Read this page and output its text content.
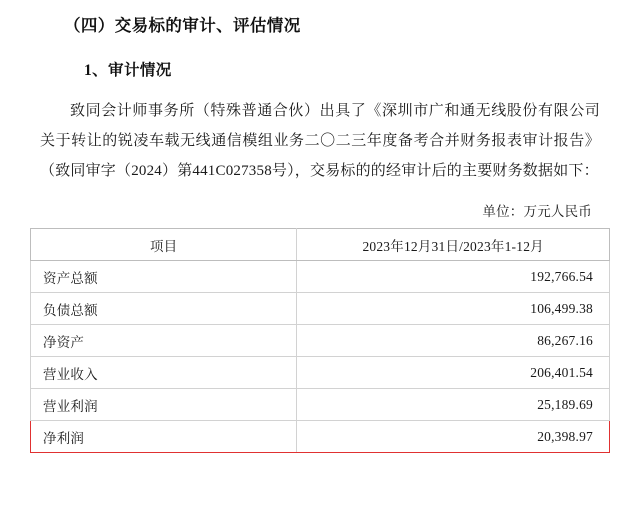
（四）交易标的审计、评估情况
1、审计情况

致同会计师事务所（特殊普通合伙）出具了《深圳市广和通无线股份有限公司关于转让的锐凌车载无线通信模组业务二〇二三年度备考合并财务报表审计报告》（致同审字（2024）第441C027358号），交易标的的经审计后的主要财务数据如下：

单位：万元人民币
项目	2023年12月31日/2023年1-12月
资产总额	192,766.54
负债总额	106,499.38
净资产	86,267.16
营业收入	206,401.54
营业利润	25,189.69
净利润	20,398.97
